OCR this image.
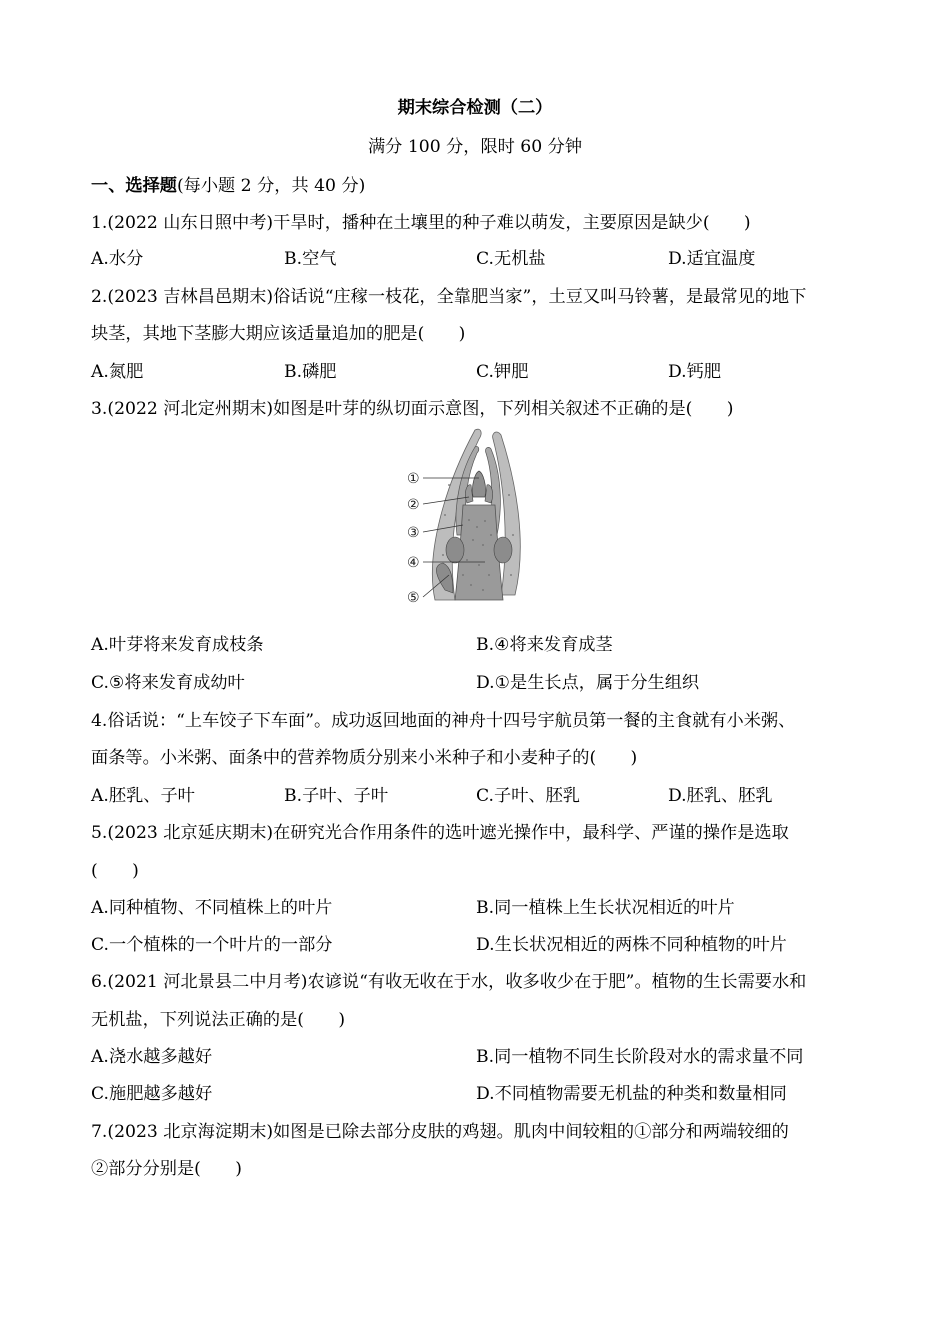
期末综合检测（二）
满分 100 分，限时 60 分钟
一、选择题(每小题 2 分，共 40 分)
1.(2022 山东日照中考)干旱时，播种在土壤里的种子难以萌发，主要原因是缺少(　　)
A.水分	B.空气	C.无机盐	D.适宜温度
2.(2023 吉林昌邑期末)俗话说“庄稼一枝花，全靠肥当家”，土豆又叫马铃薯，是最常见的地下
块茎，其地下茎膨大期应该适量追加的肥是(　　)
A.氮肥	B.磷肥	C.钾肥	D.钙肥
3.(2022 河北定州期末)如图是叶芽的纵切面示意图，下列相关叙述不正确的是(　　)
①
②
③
④
⑤
A.叶芽将来发育成枝条	B.④将来发育成茎
C.⑤将来发育成幼叶	D.①是生长点，属于分生组织
4.俗话说：“上车饺子下车面”。成功返回地面的神舟十四号宇航员第一餐的主食就有小米粥、
面条等。小米粥、面条中的营养物质分别来小米种子和小麦种子的(　　)
A.胚乳、子叶	B.子叶、子叶	C.子叶、胚乳	D.胚乳、胚乳
5.(2023 北京延庆期末)在研究光合作用条件的选叶遮光操作中，最科学、严谨的操作是选取
(　　)
A.同种植物、不同植株上的叶片	B.同一植株上生长状况相近的叶片
C.一个植株的一个叶片的一部分	D.生长状况相近的两株不同种植物的叶片
6.(2021 河北景县二中月考)农谚说“有收无收在于水，收多收少在于肥”。植物的生长需要水和
无机盐，下列说法正确的是(　　)
A.浇水越多越好	B.同一植物不同生长阶段对水的需求量不同
C.施肥越多越好	D.不同植物需要无机盐的种类和数量相同
7.(2023 北京海淀期末)如图是已除去部分皮肤的鸡翅。肌肉中间较粗的①部分和两端较细的
②部分分别是(　　)
